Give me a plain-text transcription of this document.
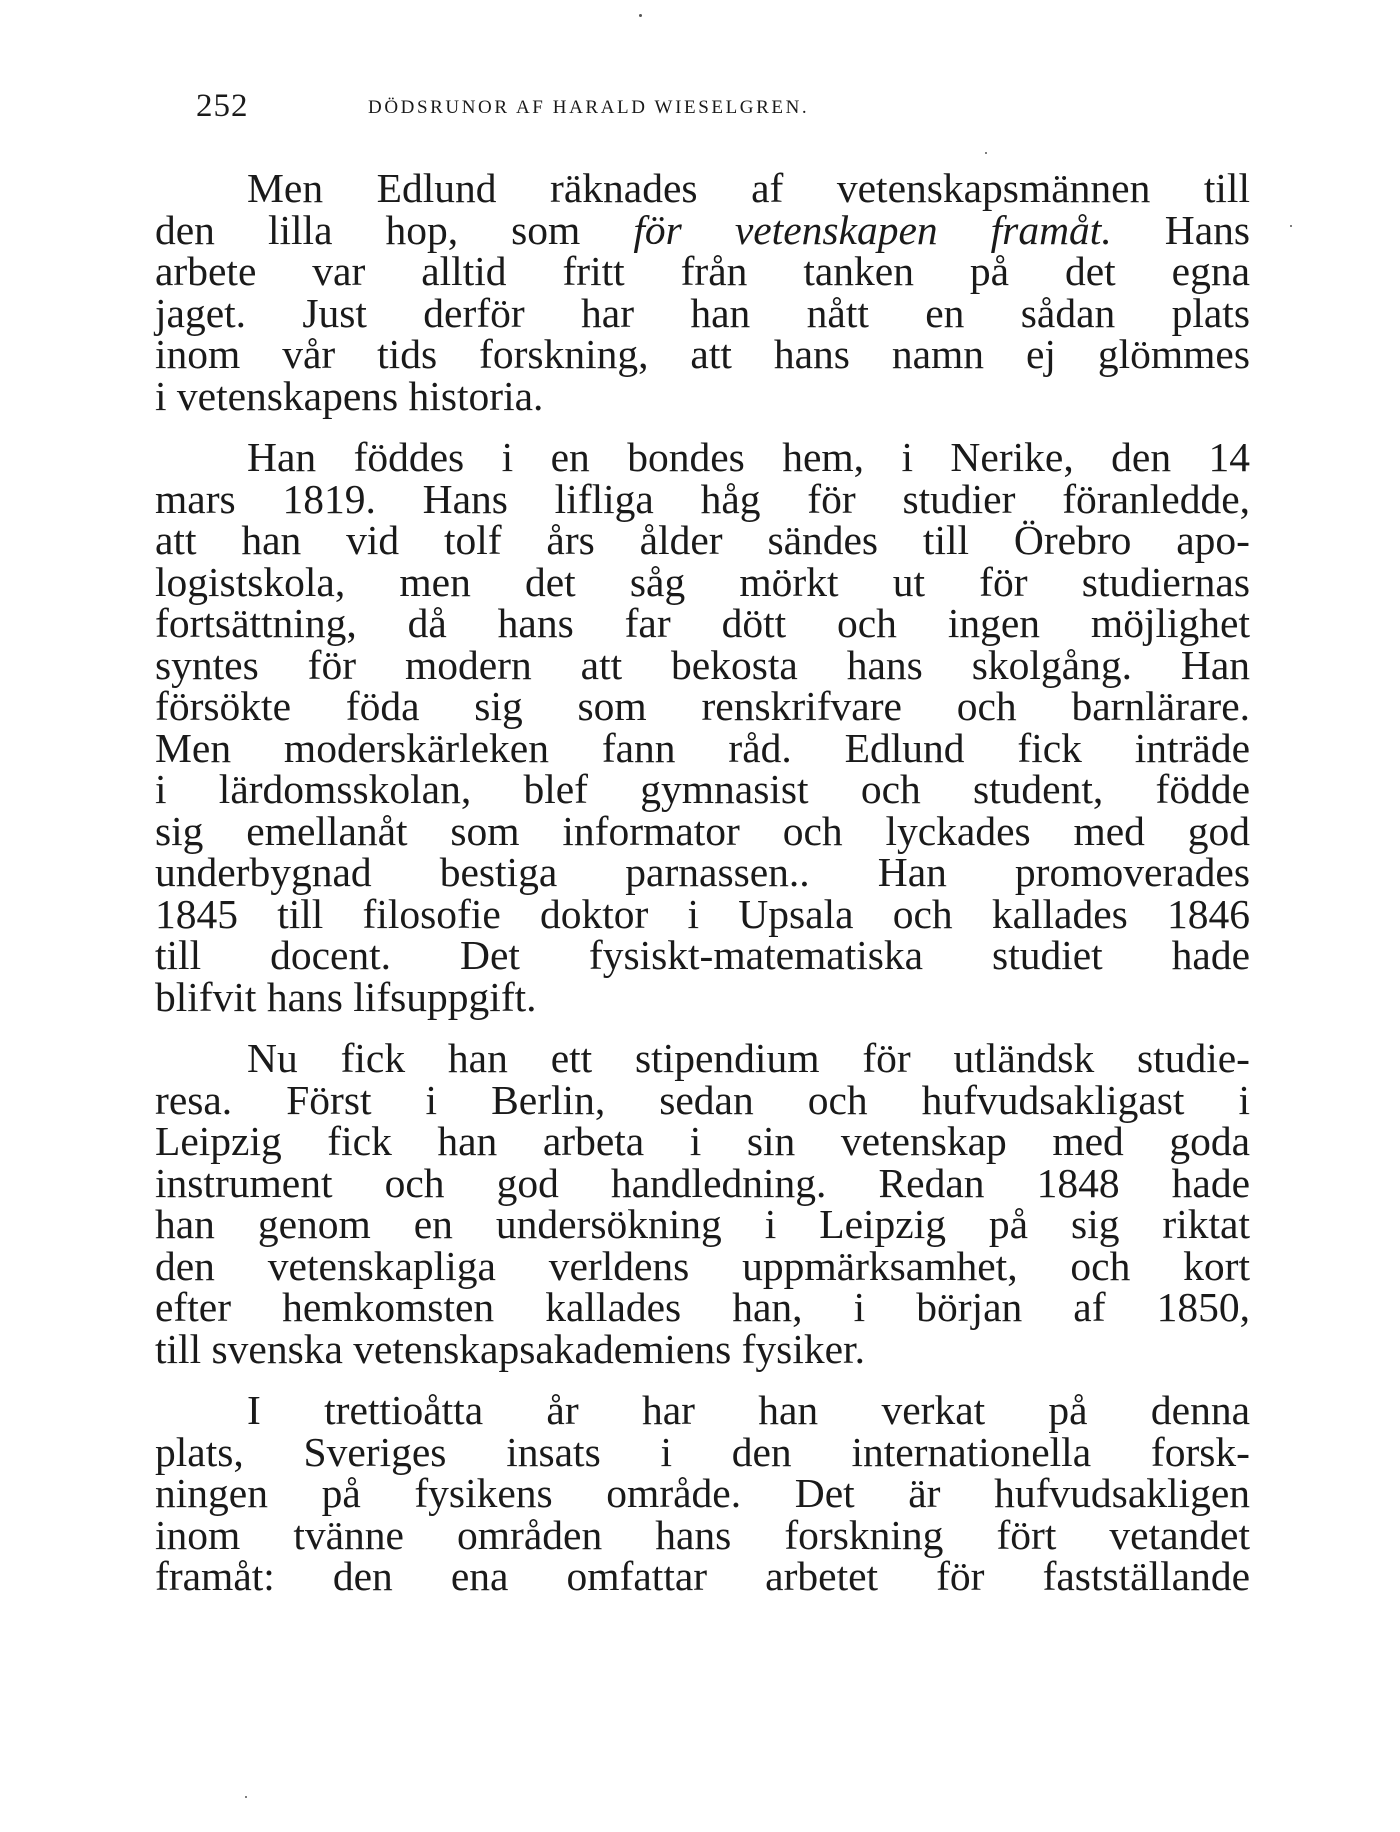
252	DÖDSRUNOR AF HARALD WIESELGREN.
Men Edlund räknades af vetenskapsmännen till
den lilla hop, som för vetenskapen framåt. Hans
arbete var alltid fritt från tanken på det egna
jaget. Just derför har han nått en sådan plats
inom vår tids forskning, att hans namn ej glömmes
i vetenskapens historia.
Han föddes i en bondes hem, i Nerike, den 14
mars 1819. Hans lifliga håg för studier föranledde,
att han vid tolf års ålder sändes till Örebro apo-
logistskola, men det såg mörkt ut för studiernas
fortsättning, då hans far dött och ingen möjlighet
syntes för modern att bekosta hans skolgång. Han
försökte föda sig som renskrifvare och barnlärare.
Men moderskärleken fann råd. Edlund fick inträde
i lärdomsskolan, blef gymnasist och student, födde
sig emellanåt som informator och lyckades med god
underbygnad bestiga parnassen.. Han promoverades
1845 till filosofie doktor i Upsala och kallades 1846
till docent. Det fysiskt-matematiska studiet hade
blifvit hans lifsuppgift.
Nu fick han ett stipendium för utländsk studie-
resa. Först i Berlin, sedan och hufvudsakligast i
Leipzig fick han arbeta i sin vetenskap med goda
instrument och god handledning. Redan 1848 hade
han genom en undersökning i Leipzig på sig riktat
den vetenskapliga verldens uppmärksamhet, och kort
efter hemkomsten kallades han, i början af 1850,
till svenska vetenskapsakademiens fysiker.
I trettioåtta år har han verkat på denna
plats, Sveriges insats i den internationella forsk-
ningen på fysikens område. Det är hufvudsakligen
inom tvänne områden hans forskning fört vetandet
framåt: den ena omfattar arbetet för fastställande
